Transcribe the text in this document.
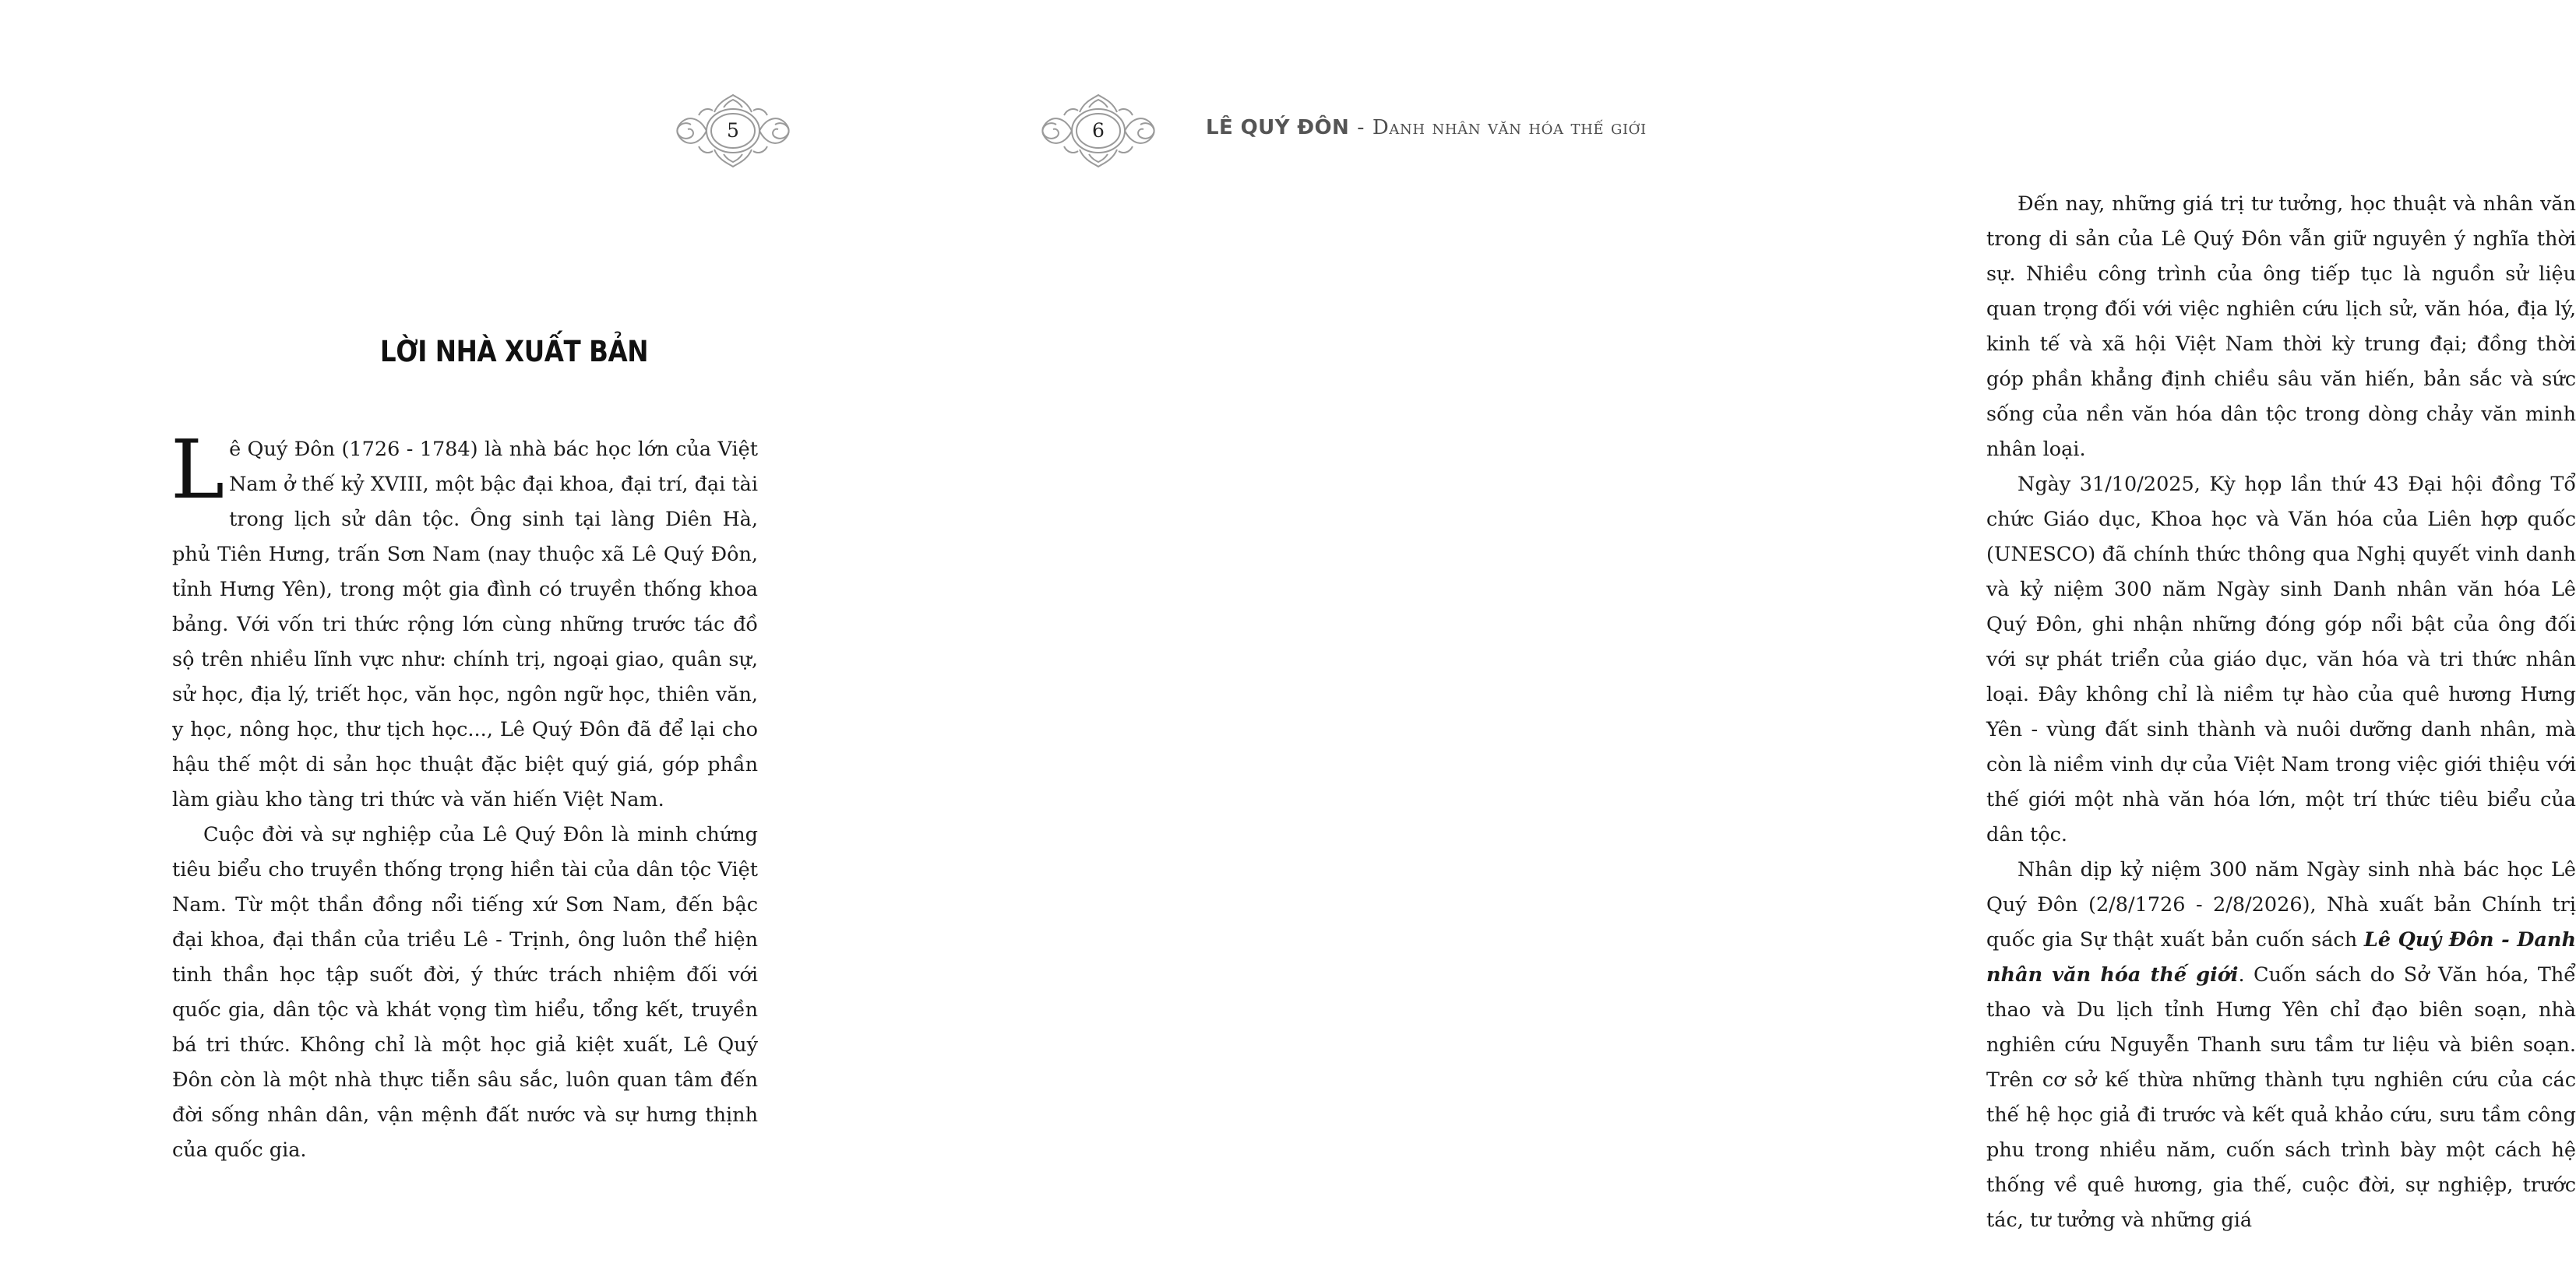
5
LỜI NHÀ XUẤT BẢN

Lê Quý Đôn (1726 - 1784) là nhà bác học lớn của Việt Nam ở thế kỷ XVIII, một bậc đại khoa, đại trí, đại tài trong lịch sử dân tộc. Ông sinh tại làng Diên Hà, phủ Tiên Hưng, trấn Sơn Nam (nay thuộc xã Lê Quý Đôn, tỉnh Hưng Yên), trong một gia đình có truyền thống khoa bảng. Với vốn tri thức rộng lớn cùng những trước tác đồ sộ trên nhiều lĩnh vực như: chính trị, ngoại giao, quân sự, sử học, địa lý, triết học, văn học, ngôn ngữ học, thiên văn, y học, nông học, thư tịch học..., Lê Quý Đôn đã để lại cho hậu thế một di sản học thuật đặc biệt quý giá, góp phần làm giàu kho tàng tri thức và văn hiến Việt Nam.

Cuộc đời và sự nghiệp của Lê Quý Đôn là minh chứng tiêu biểu cho truyền thống trọng hiền tài của dân tộc Việt Nam. Từ một thần đồng nổi tiếng xứ Sơn Nam, đến bậc đại khoa, đại thần của triều Lê - Trịnh, ông luôn thể hiện tinh thần học tập suốt đời, ý thức trách nhiệm đối với quốc gia, dân tộc và khát vọng tìm hiểu, tổng kết, truyền bá tri thức. Không chỉ là một học giả kiệt xuất, Lê Quý Đôn còn là một nhà thực tiễn sâu sắc, luôn quan tâm đến đời sống nhân dân, vận mệnh đất nước và sự hưng thịnh của quốc gia.

6

Đến nay, những giá trị tư tưởng, học thuật và nhân văn trong di sản của Lê Quý Đôn vẫn giữ nguyên ý nghĩa thời sự. Nhiều công trình của ông tiếp tục là nguồn sử liệu quan trọng đối với việc nghiên cứu lịch sử, văn hóa, địa lý, kinh tế và xã hội Việt Nam thời kỳ trung đại; đồng thời góp phần khẳng định chiều sâu văn hiến, bản sắc và sức sống của nền văn hóa dân tộc trong dòng chảy văn minh nhân loại.

Ngày 31/10/2025, Kỳ họp lần thứ 43 Đại hội đồng Tổ chức Giáo dục, Khoa học và Văn hóa của Liên hợp quốc (UNESCO) đã chính thức thông qua Nghị quyết vinh danh và kỷ niệm 300 năm Ngày sinh Danh nhân văn hóa Lê Quý Đôn, ghi nhận những đóng góp nổi bật của ông đối với sự phát triển của giáo dục, văn hóa và tri thức nhân loại. Đây không chỉ là niềm tự hào của quê hương Hưng Yên - vùng đất sinh thành và nuôi dưỡng danh nhân, mà còn là niềm vinh dự của Việt Nam trong việc giới thiệu với thế giới một nhà văn hóa lớn, một trí thức tiêu biểu của dân tộc.

Nhân dịp kỷ niệm 300 năm Ngày sinh nhà bác học Lê Quý Đôn (2/8/1726 - 2/8/2026), Nhà xuất bản Chính trị quốc gia Sự thật xuất bản cuốn sách Lê Quý Đôn - Danh nhân văn hóa thế giới. Cuốn sách do Sở Văn hóa, Thể thao và Du lịch tỉnh Hưng Yên chỉ đạo biên soạn, nhà nghiên cứu Nguyễn Thanh sưu tầm tư liệu và biên soạn. Trên cơ sở kế thừa những thành tựu nghiên cứu của các thế hệ học giả đi trước và kết quả khảo cứu, sưu tầm công phu trong nhiều năm, cuốn sách trình bày một cách hệ thống về quê hương, gia thế, cuộc đời, sự nghiệp, trước tác, tư tưởng và những giá

LÊ QUÝ ĐÔN - Danh nhân văn hóa thế giới
